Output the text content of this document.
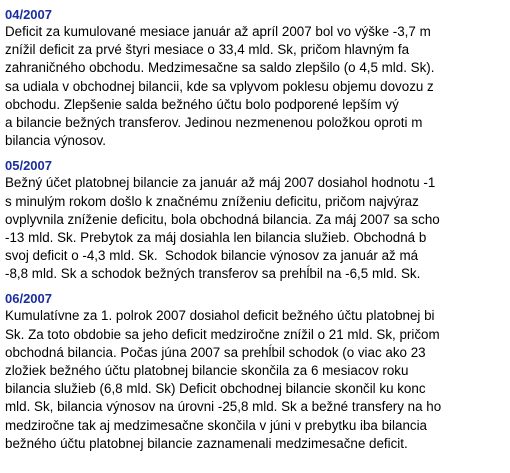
04/2007
Deficit za kumulované mesiace január až apríl 2007 bol vo výške -3,7 m
znížil deficit za prvé štyri mesiace o 33,4 mld. Sk, pričom hlavným fa
zahraničného obchodu. Medzimesačne sa saldo zlepšilo (o 4,5 mld. Sk).
sa udiala v obchodnej bilancii, kde sa vplyvom poklesu objemu dovozu z
obchodu. Zlepšenie salda bežného účtu bolo podporené lepším vý
a bilancie bežných transferov. Jedinou nezmenenou položkou oproti m
bilancia výnosov.
05/2007
Bežný účet platobnej bilancie za január až máj 2007 dosiahol hodnotu -1
s minulým rokom došlo k značnému zníženiu deficitu, pričom najvýraz
ovplyvnila zníženie deficitu, bola obchodná bilancia. Za máj 2007 sa scho
-13 mld. Sk. Prebytok za máj dosiahla len bilancia služieb. Obchodná b
svoj deficit o -4,3 mld. Sk.  Schodok bilancie výnosov za január až má
-8,8 mld. Sk a schodok bežných transferov sa prehĺbil na -6,5 mld. Sk.
06/2007
Kumulatívne za 1. polrok 2007 dosiahol deficit bežného účtu platobnej bi
Sk. Za toto obdobie sa jeho deficit medziročne znížil o 21 mld. Sk, pričom
obchodná bilancia. Počas júna 2007 sa prehĺbil schodok (o viac ako 23
zložiek bežného účtu platobnej bilancie skončila za 6 mesiacov roku
bilancia služieb (6,8 mld. Sk) Deficit obchodnej bilancie skončil ku konc
mld. Sk, bilancia výnosov na úrovni -25,8 mld. Sk a bežné transfery na ho
medziročne tak aj medzimesačne skončila v júni v prebytku iba bilancia
bežného účtu platobnej bilancie zaznamenali medzimesačne deficit.
